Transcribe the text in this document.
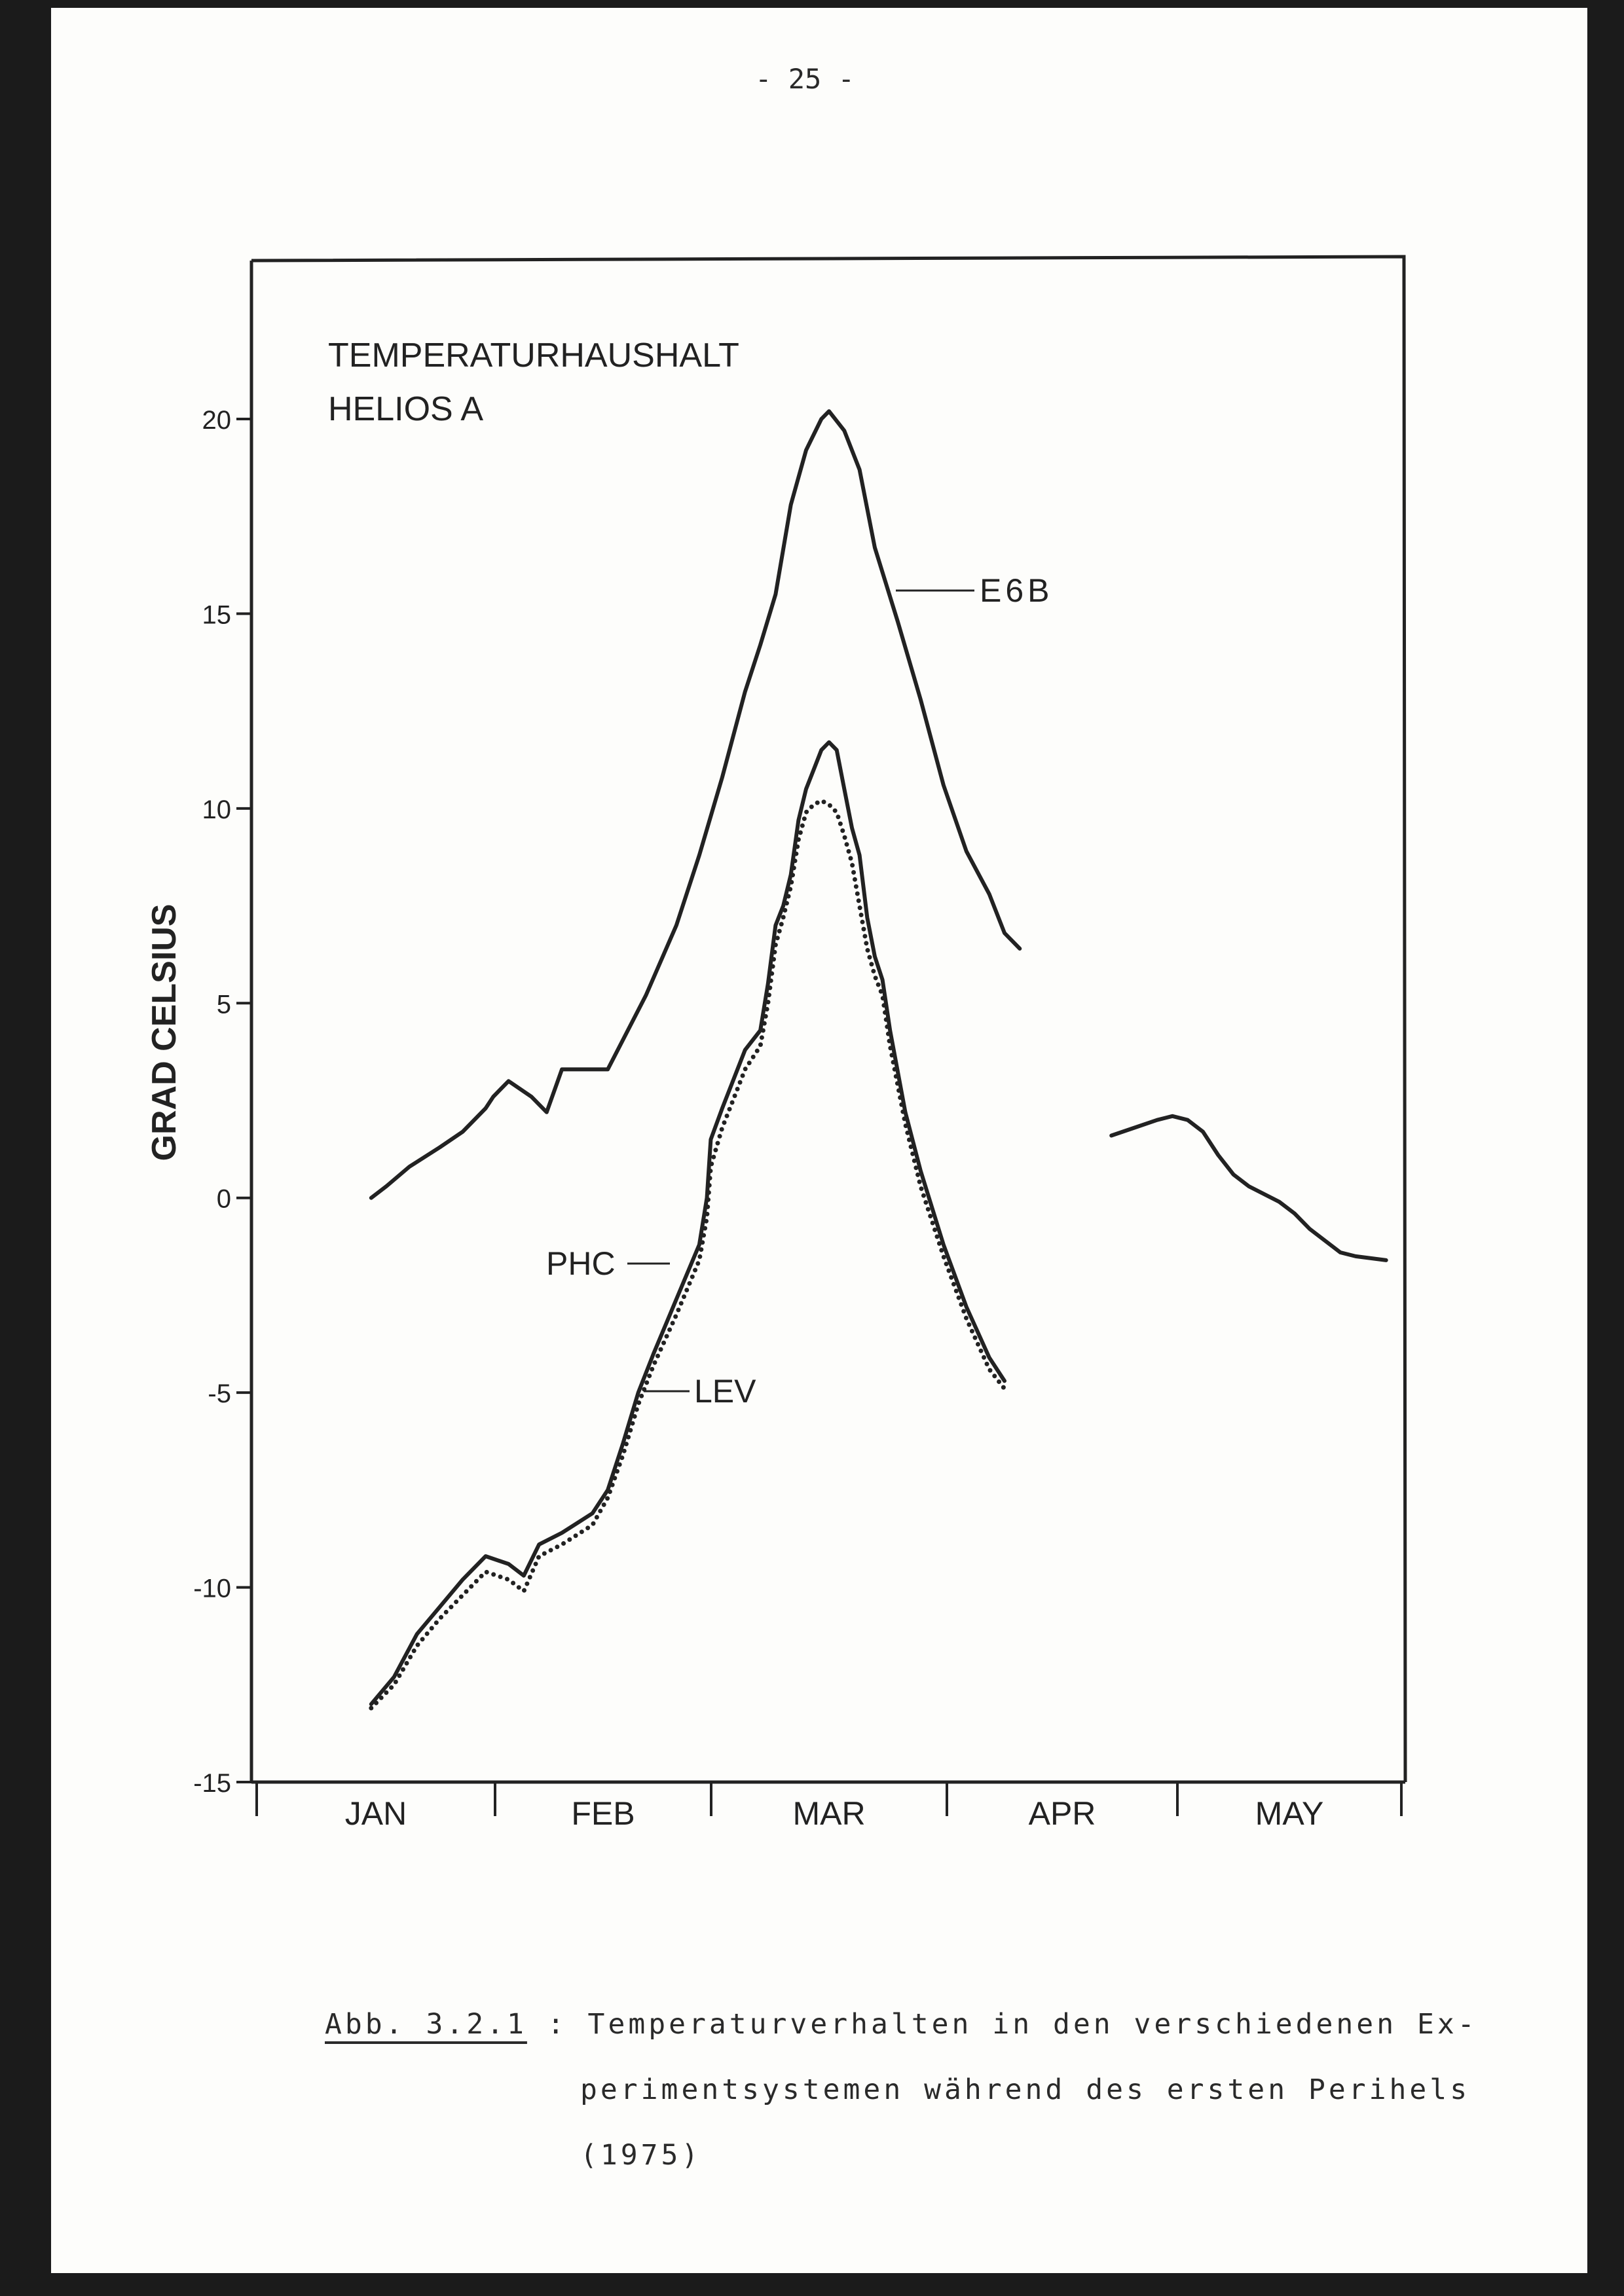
- 25 -
20
15
10
5
0
-5
-10
-15
JAN	FEB	MAR	APR	MAY
TEMPERATURHAUSHALT
HELIOS A
GRAD CELSIUS
E6B
PHC
LEV
Abb. 3.2.1 : Temperaturverhalten in den verschiedenen Ex-
perimentsystemen während des ersten Perihels
(1975)
